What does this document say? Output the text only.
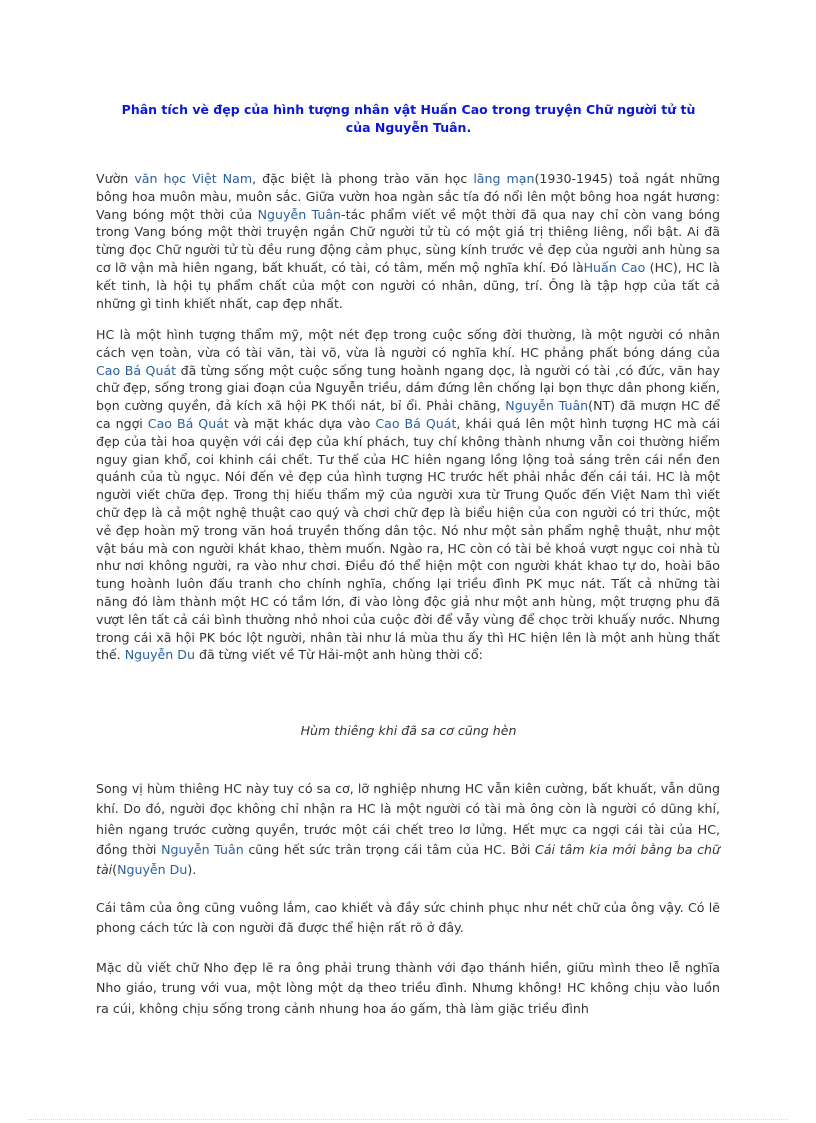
Phân tích vè đẹp của hình tượng nhân vật Huấn Cao trong truyện Chữ người tử tù
của Nguyễn Tuân.
Vườn văn học Việt Nam, đặc biệt là phong trào văn học lãng mạn(1930-1945) toả ngát những bông hoa muôn màu, muôn sắc. Giữa vườn hoa ngàn sắc tía đó nổi lên một bông hoa ngát hương: Vang bóng một thời của Nguyễn Tuân-tác phẩm viết về một thời đã qua nay chỉ còn vang bóng trong Vang bóng một thời truyện ngắn Chữ người tử tù có một giá trị thiêng liêng, nổi bật. Ai đã từng đọc Chữ người tử tù đều rung động cảm phục, sùng kính trước vẻ đẹp của người anh hùng sa cơ lỡ vận mà hiên ngang, bất khuất, có tài, có tâm, mến mộ nghĩa khí. Đó làHuấn Cao (HC), HC là kết tinh, là hội tụ phẩm chất của một con người có nhân, dũng, trí. Ông là tập hợp của tất cả những gì tinh khiết nhất, cap đẹp nhất.
HC là một hình tượng thẩm mỹ, một nét đẹp trong cuộc sống đời thường, là một người có nhân cách vẹn toàn, vừa có tài văn, tài võ, vừa là người có nghĩa khí. HC phảng phất bóng dáng của Cao Bá Quát đã từng sống một cuộc sống tung hoành ngang dọc, là người có tài ,có đức, văn hay chữ đẹp, sống trong giai đoạn của Nguyễn triều, dám đứng lên chống lại bọn thực dân phong kiến, bọn cường quyền, đả kích xã hội PK thối nát, bỉ ổi. Phải chăng, Nguyễn Tuân(NT) đã mượn HC để ca ngợi Cao Bá Quát và mặt khác dựa vào Cao Bá Quát, khái quá lên một hình tượng HC mà cái đẹp của tài hoa quyện với cái đẹp của khí phách, tuy chí không thành nhưng vẫn coi thường hiểm nguy gian khổ, coi khinh cái chết. Tư thế của HC hiên ngang lồng lộng toả sáng trên cái nền đen quánh của tù ngục. Nói đến vẻ đẹp của hình tượng HC trước hết phải nhắc đến cái tái. HC là một người viết chữa đẹp. Trong thị hiếu thẩm mỹ của người xưa từ Trung Quốc đến Việt Nam thì viết chữ đẹp là cả một nghệ thuật cao quý và chơi chữ đẹp là biểu hiện của con người có tri thức, một vẻ đẹp hoàn mỹ trong văn hoá truyền thống dân tộc. Nó như một sản phẩm nghệ thuật, như một vật báu mà con người khát khao, thèm muốn. Ngào ra, HC còn có tài bẻ khoá vượt ngục coi nhà tù như nơi không người, ra vào như chơi. Điều đó thể hiện một con người khát khao tự do, hoài bão tung hoành luôn đấu tranh cho chính nghĩa, chống lại triều đình PK mục nát. Tất cả những tài năng đó làm thành một HC có tầm lớn, đi vào lòng độc giả như một anh hùng, một trượng phu đã vượt lên tất cả cái bình thường nhỏ nhoi của cuộc đời để vẫy vùng để chọc trời khuấy nước. Nhưng trong cái xã hội PK bóc lột người, nhân tài như lá mùa thu ấy thì HC hiện lên là một anh hùng thất thế. Nguyễn Du đã từng viết về Từ Hải-một anh hùng thời cổ:
Hùm thiêng khi đã sa cơ cũng hèn
Song vị hùm thiêng HC này tuy có sa cơ, lỡ nghiệp nhưng HC vẫn kiên cường, bất khuất, vẫn dũng khí. Do đó, người đọc không chỉ nhận ra HC là một người có tài mà ông còn là người có dũng khí, hiên ngang trước cường quyền, trước một cái chết treo lơ lửng. Hết mực ca ngợi cái tài của HC, đồng thời Nguyễn Tuân cũng hết sức trân trọng cái tâm của HC. Bởi Cái tâm kia mới bằng ba chữ tài(Nguyễn Du).
Cái tâm của ông cũng vuông lắm, cao khiết và đầy sức chinh phục như nét chữ của ông vậy. Có lẽ phong cách tức là con người đã được thể hiện rất rõ ở đây.
Mặc dù viết chữ Nho đẹp lẽ ra ông phải trung thành với đạo thánh hiền, giữu mình theo lễ nghĩa Nho giáo, trung với vua, một lòng một dạ theo triều đình. Nhưng không! HC không chịu vào luồn ra cúi, không chịu sống trong cảnh nhung hoa áo gấm, thà làm giặc triều đình
